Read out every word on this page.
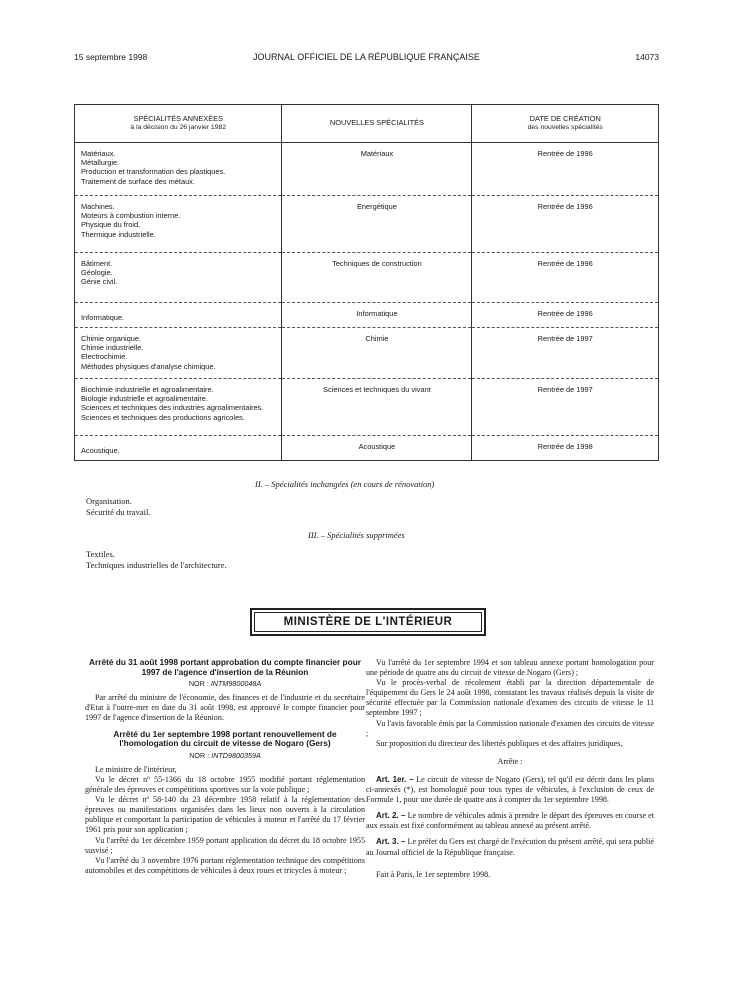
15 septembre 1998	JOURNAL OFFICIEL DE LA RÉPUBLIQUE FRANÇAISE	14073
SPÉCIALITÉS ANNEXÉES
à la décision du 26 janvier 1982	NOUVELLES SPÉCIALITÉS	DATE DE CRÉATION
des nouvelles spécialités

Matériaux.
Métallurgie.
Production et transformation des plastiques.
Traitement de surface des métaux.	Matériaux	Rentrée de 1996

Machines.
Moteurs à combustion interne.
Physique du froid.
Thermique industrielle.	Energétique	Rentrée de 1996

Bâtiment.
Géologie.
Génie civil.	Techniques de construction	Rentrée de 1996

Informatique.	Informatique	Rentrée de 1996

Chimie organique.
Chimie industrielle.
Electrochimie.
Méthodes physiques d'analyse chimique.	Chimie	Rentrée de 1997

Biochimie industrielle et agroalimentaire.
Biologie industrielle et agroalimentaire.
Sciences et techniques des industries agroalimentaires.
Sciences et techniques des productions agricoles.	Sciences et techniques du vivant	Rentrée de 1997

Acoustique.	Acoustique	Rentrée de 1998
II. – Spécialités inchangées (en cours de rénovation)
Organisation.
Sécurité du travail.
III. – Spécialités supprimées
Textiles.
Techniques industrielles de l'architecture.
MINISTÈRE DE L'INTÉRIEUR
Arrêté du 31 août 1998 portant approbation du compte financier pour 1997 de l'agence d'insertion de la Réunion
NOR : INTM9800048A

Par arrêté du ministre de l'économie, des finances et de l'industrie et du secrétaire d'Etat à l'outre-mer en date du 31 août 1998, est approuvé le compte financier pour 1997 de l'agence d'insertion de la Réunion.

Arrêté du 1er septembre 1998 portant renouvellement de l'homologation du circuit de vitesse de Nogaro (Gers)
NOR : INTD9800359A

Le ministre de l'intérieur,

Vu le décret nº 55-1366 du 18 octobre 1955 modifié portant réglementation générale des épreuves et compétitions sportives sur la voie publique ;

Vu le décret nº 58-140 du 23 décembre 1958 relatif à la réglementation des épreuves ou manifestations organisées dans les lieux non ouverts à la circulation publique et comportant la participation de véhicules à moteur et l'arrêté du 17 février 1961 pris pour son application ;

Vu l'arrêté du 1er décembre 1959 portant application du décret du 18 octobre 1955 susvisé ;

Vu l'arrêté du 3 novembre 1976 portant réglementation technique des compétitions automobiles et des compétitions de véhicules à deux roues et tricycles à moteur ;

Vu l'arrêté du 1er septembre 1994 et son tableau annexe portant homologation pour une période de quatre ans du circuit de vitesse de Nogaro (Gers) ;

Vu le procès-verbal de récolement établi par la direction départementale de l'équipement du Gers le 24 août 1998, constatant les travaux réalisés depuis la visite de sécurité effectuée par la Commission nationale d'examen des circuits de vitesse le 11 septembre 1997 ;

Vu l'avis favorable émis par la Commission nationale d'examen des circuits de vitesse ;

Sur proposition du directeur des libertés publiques et des affaires juridiques,

Arrête :

Art. 1er. – Le circuit de vitesse de Nogaro (Gers), tel qu'il est décrit dans les plans ci-annexés (*), est homologué pour tous types de véhicules, à l'exclusion de ceux de Formule 1, pour une durée de quatre ans à compter du 1er septembre 1998.

Art. 2. – Le nombre de véhicules admis à prendre le départ des épreuves en course et aux essais est fixé conformément au tableau annexé au présent arrêté.

Art. 3. – Le préfet du Gers est chargé de l'exécution du présent arrêté, qui sera publié au Journal officiel de la République française.

Fait à Paris, le 1er septembre 1998.
